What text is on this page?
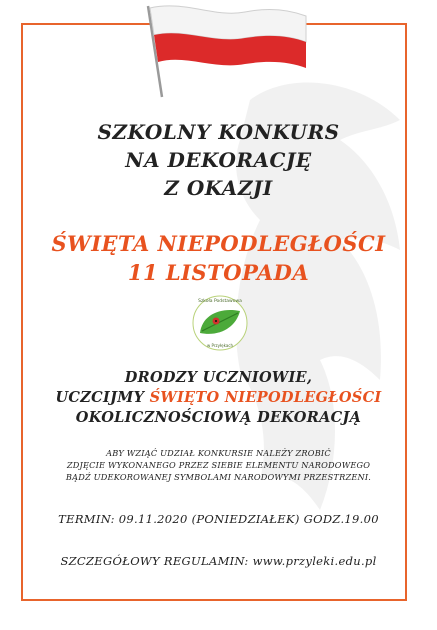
SZKOLNY KONKURS
NA DEKORACJĘ
Z OKAZJI
ŚWIĘTA NIEPODLEGŁOŚCI
11 LISTOPADA
Szkoła Podstawowa
w Przyłękach
DRODZY UCZNIOWIE,
UCZCIJMY ŚWIĘTO NIEPODLEGŁOŚCI
OKOLICZNOŚCIOWĄ DEKORACJĄ
ABY WZIĄĆ UDZIAŁ KONKURSIE NALEŻY ZROBIĆ
ZDJĘCIE WYKONANEGO PRZEZ SIEBIE ELEMENTU NARODOWEGO
BĄDŹ UDEKOROWANEJ SYMBOLAMI NARODOWYMI PRZESTRZENI.
TERMIN: 09.11.2020 (PONIEDZIAŁEK) GODZ.19.00
SZCZEGÓŁOWY REGULAMIN: www.przyleki.edu.pl
